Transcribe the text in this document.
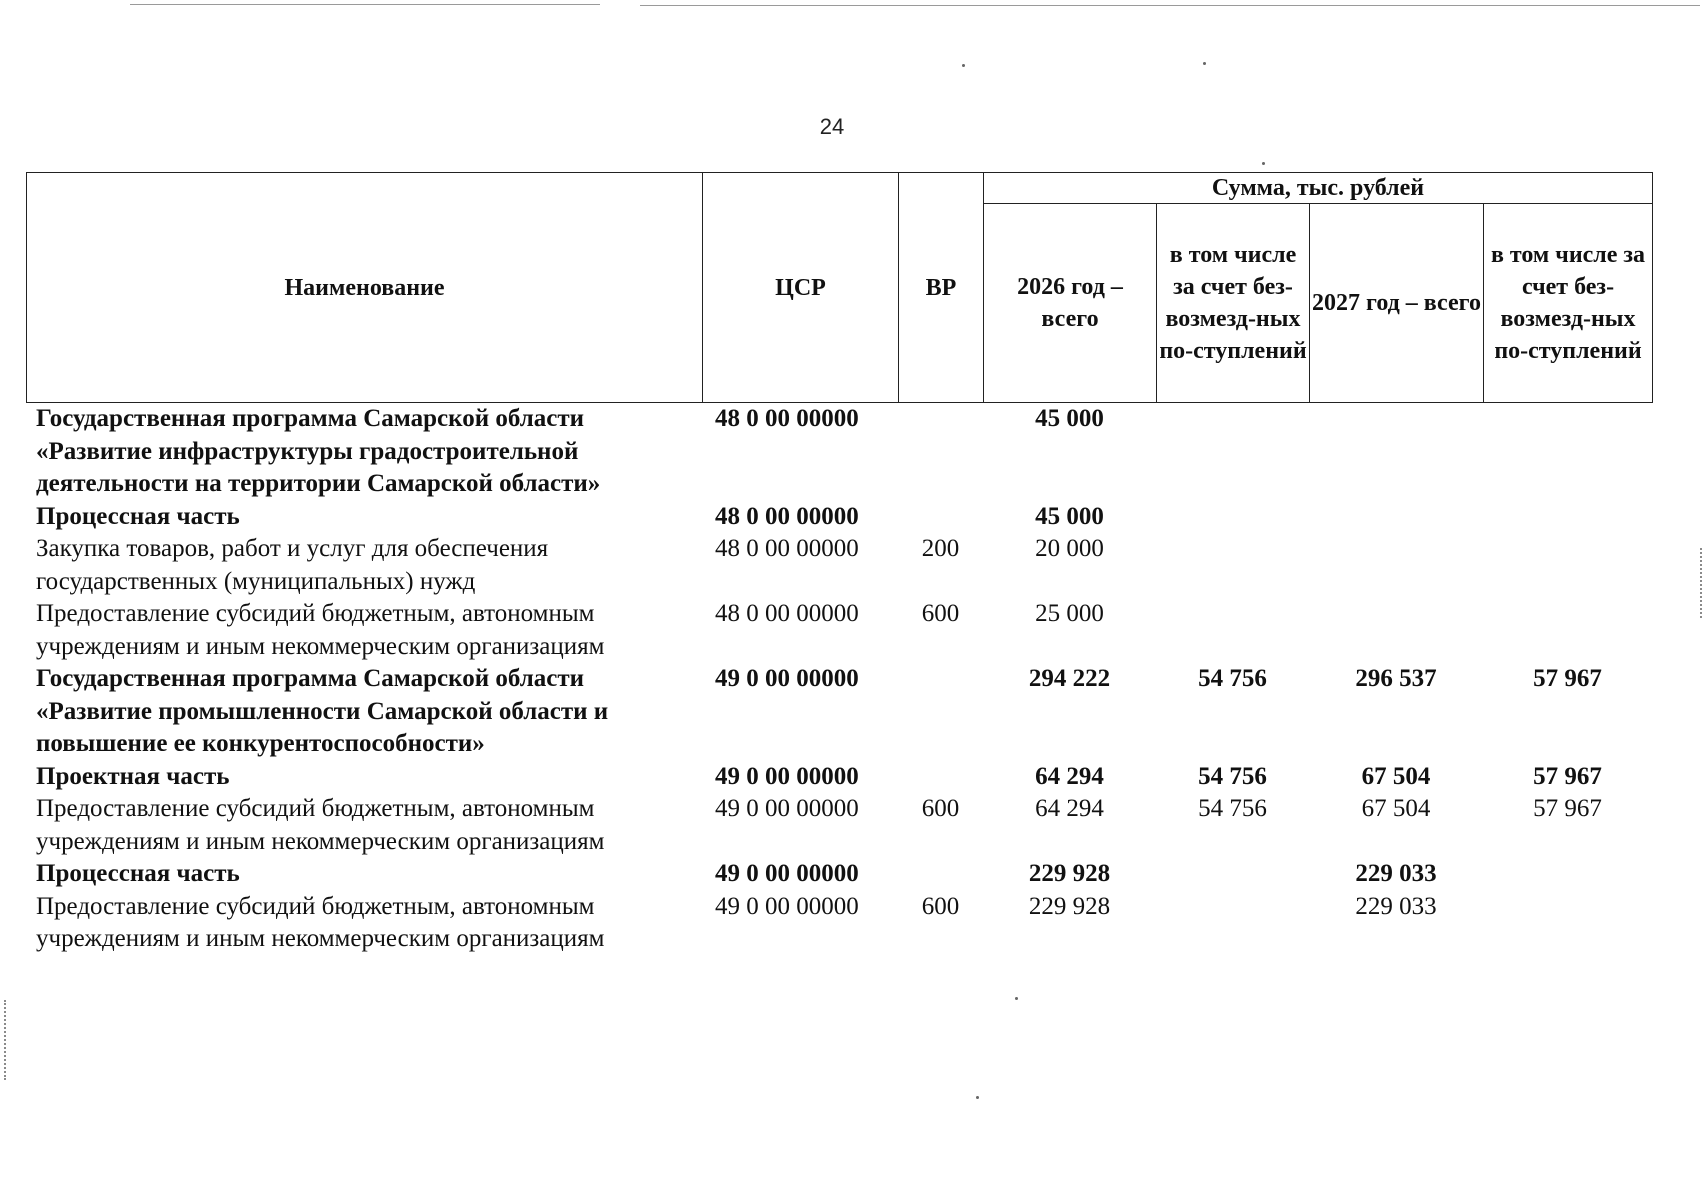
24
Наименование	ЦСР	ВР	Сумма, тыс. рублей			
			2026 год – всего	в том числе за счет без-возмезд-ных по-ступлений	2027 год – всего	в том числе за счет без-возмезд-ных по-ступлений
Государственная программа Самарской области «Развитие инфраструктуры градостроительной деятельности на территории Самарской области»	48 0 00 00000		45 000			
Процессная часть	48 0 00 00000		45 000			
Закупка товаров, работ и услуг для обеспечения государственных (муниципальных) нужд	48 0 00 00000	200	20 000			
Предоставление субсидий бюджетным, автономным учреждениям и иным некоммерческим организациям	48 0 00 00000	600	25 000			
Государственная программа Самарской области «Развитие промышленности Самарской области и повышение ее конкурентоспособности»	49 0 00 00000		294 222	54 756	296 537	57 967
Проектная часть	49 0 00 00000		64 294	54 756	67 504	57 967
Предоставление субсидий бюджетным, автономным учреждениям и иным некоммерческим организациям	49 0 00 00000	600	64 294	54 756	67 504	57 967
Процессная часть	49 0 00 00000		229 928		229 033	
Предоставление субсидий бюджетным, автономным учреждениям и иным некоммерческим организациям	49 0 00 00000	600	229 928		229 033	
